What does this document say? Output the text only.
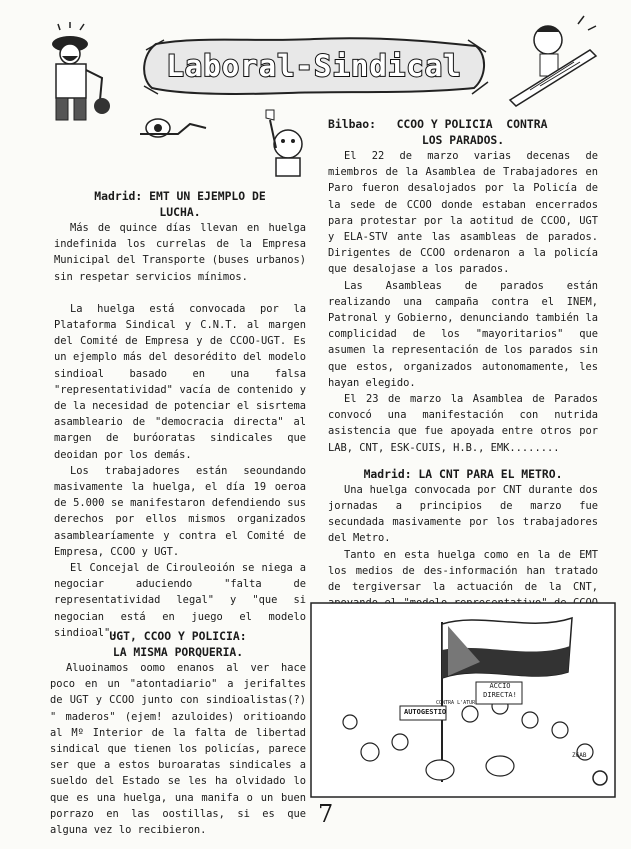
Laboral-Sindical

Madrid: EMT UN EJEMPLO DE

LUCHA.

Más de quince días llevan en huelga indefinida los currelas de la Empresa Municipal del Transporte (buses urbanos) sin respetar servicios mínimos.

La huelga está convocada por la Plataforma Sindical y C.N.T. al margen del Comité de Empresa y de CCOO-UGT. Es un ejemplo más del desorédito del modelo sindioal basado en una falsa "representatividad" vacía de contenido y de la necesidad de potenciar el sisrtema asambleario de "democracia directa" al margen de buróoratas sindicales que deoidan por los demás.

Los trabajadores están seoundando masivamente la huelga, el día 19 oeroa de 5.000 se manifestaron defendiendo sus derechos por ellos mismos organizados asamblearíamente y contra el Comité de Empresa, CCOO y UGT.

El Concejal de Cirouleoión se niega a negociar aduciendo "falta de representatividad legal" y "que si negocian está en juego el modelo sindioal".

UGT, CCOO Y POLICIA:

LA MISMA PORQUERIA.

Aluoinamos oomo enanos al ver hace poco en un "atontadiario" a jerifaltes de UGT y CCOO junto con sindioalistas(?) " maderos" (ejem! azuloides) oritioando al Mº Interior de la falta de libertad sindical que tienen los policías, parece ser que a estos buroaratas sindicales a sueldo del Estado se les ha olvidado lo que es una huelga, una manifa o un buen porrazo en las oostillas, si es que alguna vez lo recibieron.

Bilbao:   CCOO Y POLICIA  CONTRA

LOS PARADOS.

El 22 de marzo varias decenas de miembros de la Asamblea de Trabajadores en Paro fueron desalojados por la Policía de la sede de CCOO donde estaban encerrados para protestar por la aotitud de CCOO, UGT y ELA-STV ante las asambleas de parados. Dirigentes de CCOO ordenaron a la policía que desalojase a los parados.

Las Asambleas de parados están realizando una campaña contra el INEM, Patronal y Gobierno, denunciando también la complicidad de los "mayoritarios" que asumen la representación de los parados sin que estos, organizados autonomamente, les hayan elegido.

El 23 de marzo la Asamblea de Parados convocó una manifestación con nutrida asistencia que fue apoyada entre otros por LAB, CNT, ESK-CUIS, H.B., EMK........

Madrid: LA CNT PARA EL METRO.

Una huelga convocada por CNT durante dos jornadas a principios de marzo fue secundada masivamente por los trabajadores del Metro.

Tanto en esta huelga como en la de EMT los medios de des-información han tratado de tergiversar la actuación de la CNT,

AUTOGESTIO
ACCIO DIRECTA!
CONTRA L'ATUR
ZGAB
7
